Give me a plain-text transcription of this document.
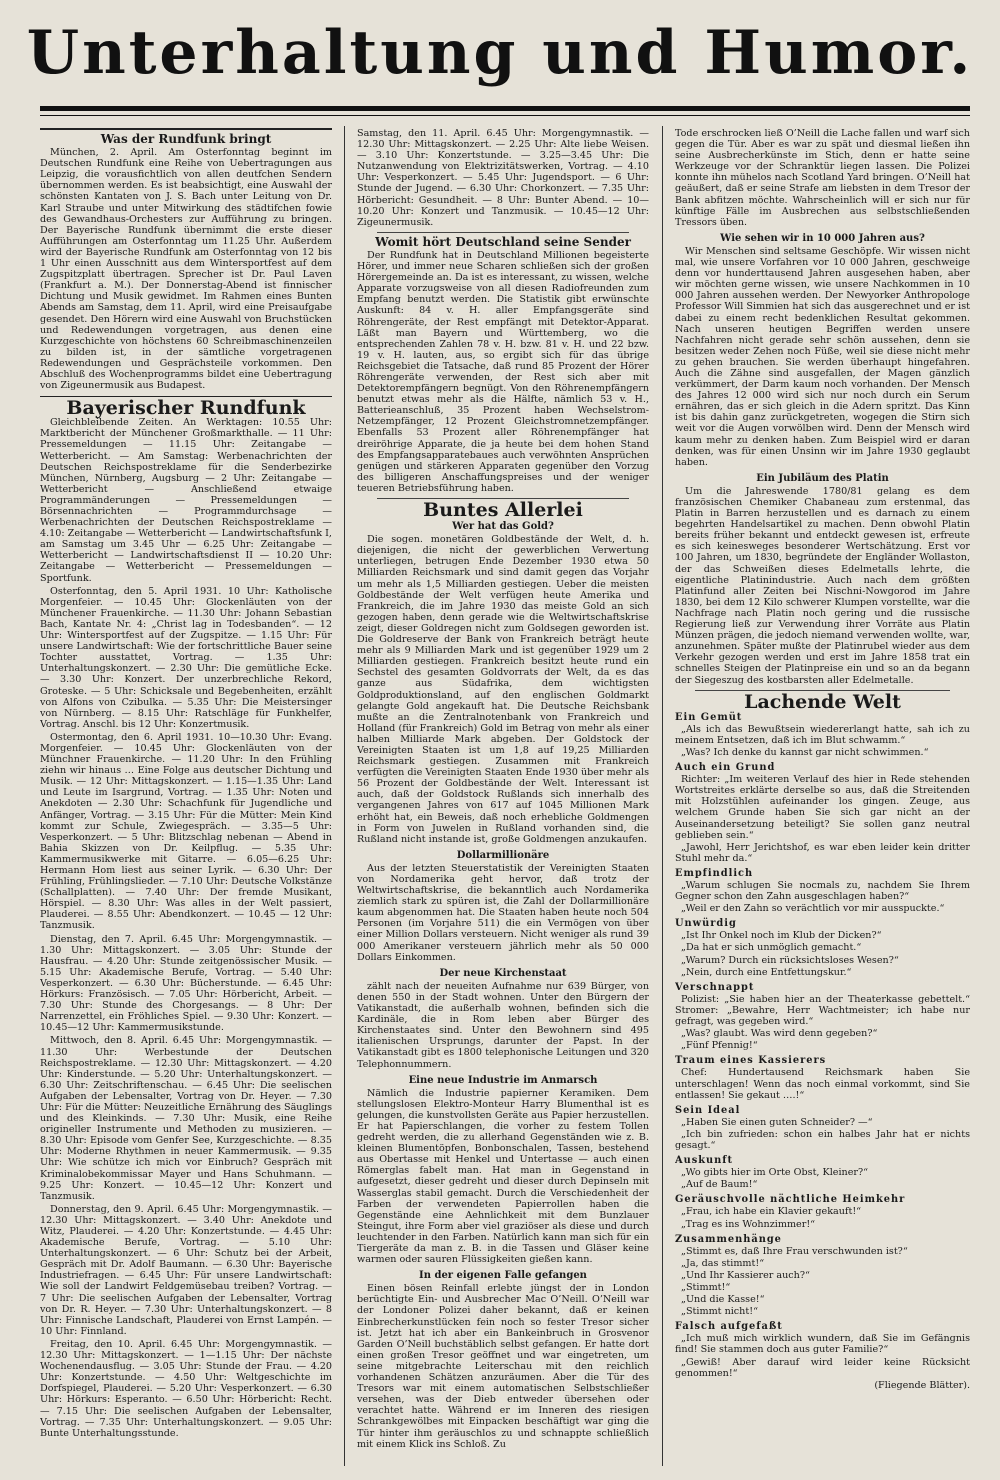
Unterhaltung und Humor.
Was der Rundfunk bringt

München, 2. April. Am Osterfonntag beginnt im Deutschen Rundfunk eine Reihe von Uebertragungen aus Leipzig, die vorausfichtlich von allen deutfchen Sendern übernommen werden. Es ist beabsichtigt, eine Auswahl der schönsten Kantaten von J. S. Bach unter Leitung von Dr. Karl Straube und unter Mitwirkung des städtifchen fowie des Gewandhaus-Orchesters zur Aufführung zu bringen. Der Bayerische Rundfunk übernimmt die erste dieser Aufführungen am Osterfonntag um 11.25 Uhr. Außerdem wird der Bayerische Rundfunk am Osterfonntag von 12 bis 1 Uhr einen Ausschnitt aus dem Wintersportfest auf dem Zugspitzplatt übertragen. Sprecher ist Dr. Paul Laven (Frankfurt a. M.). Der Donnerstag-Abend ist finnischer Dichtung und Musik gewidmet. Im Rahmen eines Bunten Abends am Samstag, dem 11. April, wird eine Preisaufgabe gesendet. Den Hörern wird eine Auswahl von Bruchstücken und Redewendungen vorgetragen, aus denen eine Kurzgeschichte von höchstens 60 Schreibmaschinenzeilen zu bilden ist, in der sämtliche vorgetragenen Redewendungen und Gesprächsteile vorkommen. Den Abschluß des Wochenprogramms bildet eine Uebertragung von Zigeunermusik aus Budapest.

Bayerischer Rundfunk

Gleichbleibende Zeiten. An Werktagen: 10.55 Uhr: Marktbericht der Münchener Großmarkthalle. — 11 Uhr: Pressemeldungen — 11.15 Uhr: Zeitangabe — Wetterbericht. — Am Samstag: Werbenachrichten der Deutschen Reichspostreklame für die Senderbezirke München, Nürnberg, Augsburg — 2 Uhr: Zeitangabe — Wetterbericht — Anschließend etwaige Programmänderungen — Pressemeldungen — Börsennachrichten — Programmdurchsage — Werbenachrichten der Deutschen Reichspostreklame — 4.10: Zeitangabe — Wetterbericht — Landwirtschaftsfunk I, am Samstag um 3.45 Uhr — 6.25 Uhr: Zeitangabe — Wetterbericht — Landwirtschaftsdienst II — 10.20 Uhr: Zeitangabe — Wetterbericht — Pressemeldungen — Sportfunk.

Osterfonntag, den 5. April 1931. 10 Uhr: Katholische Morgenfeier. — 10.45 Uhr: Glockenläuten von der Münchener Frauenkirche. — 11.30 Uhr: Johann Sebastian Bach, Kantate Nr. 4: „Christ lag in Todesbanden“. — 12 Uhr: Wintersportfest auf der Zugspitze. — 1.15 Uhr: Für unsere Landwirtschaft: Wie der fortschrittliche Bauer seine Tochter ausstattet, Vortrag. — 1.35 Uhr: Unterhaltungskonzert. — 2.30 Uhr: Die gemütliche Ecke. — 3.30 Uhr: Konzert. Der unzerbrechliche Rekord, Groteske. — 5 Uhr: Schicksale und Begebenheiten, erzählt von Alfons von Czibulka. — 5.35 Uhr: Die Meistersinger von Nürnberg. — 8.15 Uhr: Ratschläge für Funkhelfer, Vortrag. Anschl. bis 12 Uhr: Konzertmusik.

Ostermontag, den 6. April 1931. 10—10.30 Uhr: Evang. Morgenfeier. — 10.45 Uhr: Glockenläuten von der Münchner Frauenkirche. — 11.20 Uhr: In den Frühling ziehn wir hinaus … Eine Folge aus deutscher Dichtung und Musik. — 12 Uhr: Mittagskonzert. — 1.15—1.35 Uhr: Land und Leute im Isargrund, Vortrag. — 1.35 Uhr: Noten und Anekdoten — 2.30 Uhr: Schachfunk für Jugendliche und Anfänger, Vortrag. — 3.15 Uhr: Für die Mütter: Mein Kind kommt zur Schule, Zwiegespräch. — 3.35—5 Uhr: Vesperkonzert. — 5 Uhr: Blitzschlag nebenan — Abend in Bahia Skizzen von Dr. Keilpflug. — 5.35 Uhr: Kammermusikwerke mit Gitarre. — 6.05—6.25 Uhr: Hermann Hom liest aus seiner Lyrik. — 6.30 Uhr: Der Frühling, Frühlingslieder. — 7.10 Uhr: Deutsche Volkstänze (Schallplatten). — 7.40 Uhr: Der fremde Musikant, Hörspiel. — 8.30 Uhr: Was alles in der Welt passiert, Plauderei. — 8.55 Uhr: Abendkonzert. — 10.45 — 12 Uhr: Tanzmusik.

Dienstag, den 7. April. 6.45 Uhr: Morgengymnastik. — 1.30 Uhr: Mittagskonzert. — 3.05 Uhr: Stunde der Hausfrau. — 4.20 Uhr: Stunde zeitgenössischer Musik. — 5.15 Uhr: Akademische Berufe, Vortrag. — 5.40 Uhr: Vesperkonzert. — 6.30 Uhr: Bücherstunde. — 6.45 Uhr: Hörkurs: Französisch. — 7.05 Uhr: Hörbericht, Arbeit. — 7.30 Uhr: Stunde des Chorgesangs. — 8 Uhr: Der Narrenzettel, ein Fröhliches Spiel. — 9.30 Uhr: Konzert. — 10.45—12 Uhr: Kammermusikstunde.

Mittwoch, den 8. April. 6.45 Uhr: Morgengymnastik. — 11.30 Uhr: Werbestunde der Deutschen Reichspostreklame. — 12.30 Uhr: Mittagskonzert. — 4.20 Uhr: Kinderstunde. — 5.20 Uhr: Unterhaltungskonzert. — 6.30 Uhr: Zeitschriftenschau. — 6.45 Uhr: Die seelischen Aufgaben der Lebensalter, Vortrag von Dr. Heyer. — 7.30 Uhr: Für die Mütter: Neuzeitliche Ernährung des Säuglings und des Kleinkinds. — 7.30 Uhr: Musik, eine Reihe origineller Instrumente und Methoden zu musizieren. — 8.30 Uhr: Episode vom Genfer See, Kurzgeschichte. — 8.35 Uhr: Moderne Rhythmen in neuer Kammermusik. — 9.35 Uhr: Wie schütze ich mich vor Einbruch? Gespräch mit Kriminalobekommissar Mayer und Hans Schuhmann. — 9.25 Uhr: Konzert. — 10.45—12 Uhr: Konzert und Tanzmusik.

Donnerstag, den 9. April. 6.45 Uhr: Morgengymnastik. — 12.30 Uhr: Mittagskonzert. — 3.40 Uhr: Anekdote und Witz, Plauderei. — 4.20 Uhr: Konzertstunde. — 4.45 Uhr: Akademische Berufe, Vortrag. — 5.10 Uhr: Unterhaltungskonzert. — 6 Uhr: Schutz bei der Arbeit, Gespräch mit Dr. Adolf Baumann. — 6.30 Uhr: Bayerische Industriefragen. — 6.45 Uhr: Für unsere Landwirtschaft: Wie soll der Landwirt Feldgemüsebau treiben? Vortrag. — 7 Uhr: Die seelischen Aufgaben der Lebensalter, Vortrag von Dr. R. Heyer. — 7.30 Uhr: Unterhaltungskonzert. — 8 Uhr: Finnische Landschaft, Plauderei von Ernst Lampén. — 10 Uhr: Finnland.

Freitag, den 10. April. 6.45 Uhr: Morgengymnastik. — 12.30 Uhr: Mittagskonzert. — 1—1.15 Uhr: Der nächste Wochenendausflug. — 3.05 Uhr: Stunde der Frau. — 4.20 Uhr: Konzertstunde. — 4.50 Uhr: Weltgeschichte im Dorfspiegel, Plauderei. — 5.20 Uhr: Vesperkonzert. — 6.30 Uhr: Hörkurs: Esperanto. — 6.50 Uhr: Hörbericht: Recht. — 7.15 Uhr: Die seelischen Aufgaben der Lebensalter, Vortrag. — 7.35 Uhr: Unterhaltungskonzert. — 9.05 Uhr: Bunte Unterhaltungsstunde.

Samstag, den 11. April. 6.45 Uhr: Morgengymnastik. — 12.30 Uhr: Mittagskonzert. — 2.25 Uhr: Alte liebe Weisen. — 3.10 Uhr: Konzertstunde. — 3.25—3.45 Uhr: Die Nutzanwendung von Elektrizitätswerken, Vortrag. — 4.10 Uhr: Vesperkonzert. — 5.45 Uhr: Jugendsport. — 6 Uhr: Stunde der Jugend. — 6.30 Uhr: Chorkonzert. — 7.35 Uhr: Hörbericht: Gesundheit. — 8 Uhr: Bunter Abend. — 10—10.20 Uhr: Konzert und Tanzmusik. — 10.45—12 Uhr: Zigeunermusik.

Womit hört Deutschland seine Sender

Der Rundfunk hat in Deutschland Millionen begeisterte Hörer, und immer neue Scharen schließen sich der großen Hörergemeinde an. Da ist es interessant, zu wissen, welche Apparate vorzugsweise von all diesen Radiofreunden zum Empfang benutzt werden. Die Statistik gibt erwünschte Auskunft: 84 v. H. aller Empfangsgeräte sind Röhrengeräte, der Rest empfängt mit Detektor-Apparat. Läßt man Bayern und Württemberg, wo die entsprechenden Zahlen 78 v. H. bzw. 81 v. H. und 22 bzw. 19 v. H. lauten, aus, so ergibt sich für das übrige Reichsgebiet die Tatsache, daß rund 85 Prozent der Hörer Röhrengeräte verwenden, der Rest sich aber mit Detektorempfängern begnügt. Von den Röhrenempfängern benutzt etwas mehr als die Hälfte, nämlich 53 v. H., Batterieanschluß, 35 Prozent haben Wechselstrom-Netzempfänger, 12 Prozent Gleichstromnetzempfänger. Ebenfalls 53 Prozent aller Röhrenempfänger hat dreiröhrige Apparate, die ja heute bei dem hohen Stand des Empfangsapparatebaues auch verwöhnten Ansprüchen genügen und stärkeren Apparaten gegenüber den Vorzug des billigeren Anschaffungspreises und der weniger teueren Betriebsführung haben.

Buntes Allerlei
Wer hat das Gold?

Die sogen. monetären Goldbestände der Welt, d. h. diejenigen, die nicht der gewerblichen Verwertung unterliegen, betrugen Ende Dezember 1930 etwa 50 Milliarden Reichsmark und sind damit gegen das Vorjahr um mehr als 1,5 Milliarden gestiegen. Ueber die meisten Goldbestände der Welt verfügen heute Amerika und Frankreich, die im Jahre 1930 das meiste Gold an sich gezogen haben, denn gerade wie die Weltwirtschaftskrise zeigt, dieser Goldregen nicht zum Goldsegen geworden ist. Die Goldreserve der Bank von Frankreich beträgt heute mehr als 9 Milliarden Mark und ist gegenüber 1929 um 2 Milliarden gestiegen. Frankreich besitzt heute rund ein Sechstel des gesamten Goldvorrats der Welt, da es das ganze aus Südafrika, dem wichtigsten Goldproduktionsland, auf den englischen Goldmarkt gelangte Gold angekauft hat. Die Deutsche Reichsbank mußte an die Zentralnotenbank von Frankreich und Holland (für Frankreich) Gold im Betrag von mehr als einer halben Milliarde Mark abgeben. Der Goldstock der Vereinigten Staaten ist um 1,8 auf 19,25 Milliarden Reichsmark gestiegen. Zusammen mit Frankreich verfügten die Vereinigten Staaten Ende 1930 über mehr als 56 Prozent der Goldbestände der Welt. Interessant ist auch, daß der Goldstock Rußlands sich innerhalb des vergangenen Jahres von 617 auf 1045 Millionen Mark erhöht hat, ein Beweis, daß noch erhebliche Goldmengen in Form von Juwelen in Rußland vorhanden sind, die Rußland nicht instande ist, große Goldmengen anzukaufen.

Dollarmillionäre

Aus der letzten Steuerstatistik der Vereinigten Staaten von Nordamerika geht hervor, daß trotz der Weltwirtschaftskrise, die bekanntlich auch Nordamerika ziemlich stark zu spüren ist, die Zahl der Dollarmillionäre kaum abgenommen hat. Die Staaten haben heute noch 504 Personen (im Vorjahre 511) die ein Vermögen von über einer Million Dollars versteuern. Nicht weniger als rund 39 000 Amerikaner versteuern jährlich mehr als 50 000 Dollars Einkommen.

Der neue Kirchenstaat

zählt nach der neueiten Aufnahme nur 639 Bürger, von denen 550 in der Stadt wohnen. Unter den Bürgern der Vatikanstadt, die außerhalb wohnen, befinden sich die Kardinäle, die in Rom leben aber Bürger des Kirchenstaates sind. Unter den Bewohnern sind 495 italienischen Ursprungs, darunter der Papst. In der Vatikanstadt gibt es 1800 telephonische Leitungen und 320 Telephonnummern.

Eine neue Industrie im Anmarsch

Nämlich die Industrie papierner Keramiken. Dem stellungslosen Elektro-Monteur Harry Blumenthal ist es gelungen, die kunstvollsten Geräte aus Papier herzustellen. Er hat Papierschlangen, die vorher zu festem Tollen gedreht werden, die zu allerhand Gegenständen wie z. B. kleinen Blumentöpfen, Bonbonschalen, Tassen, bestehend aus Obertasse mit Henkel und Untertasse — auch einen Römerglas fabelt man. Hat man in Gegenstand in aufgesetzt, dieser gedreht und dieser durch Depinseln mit Wasserglas stabil gemacht. Durch die Verschiedenheit der Farben der verwendeten Papierrollen haben die Gegenstände eine Aehnlichkeit mit dem Bunzlauer Steingut, ihre Form aber viel graziöser als diese und durch leuchtender in den Farben. Natürlich kann man sich für ein Tiergeräte da man z. B. in die Tassen und Gläser keine warmen oder sauren Flüssigkeiten gießen kann.

In der eigenen Falle gefangen

Einen bösen Reinfall erlebte jüngst der in London berüchtigte Ein- und Ausbrecher Mac O’Neill. O’Neill war der Londoner Polizei daher bekannt, daß er keinen Einbrecherkunstlücken fein noch so fester Tresor sicher ist. Jetzt hat ich aber ein Bankeinbruch in Grosvenor Garden O’Neill buchstäblich selbst gefangen. Er hatte dort einen großen Tresor geöffnet und war eingetreten, um seine mitgebrachte Leiterschau mit den reichlich vorhandenen Schätzen anzuräumen. Aber die Tür des Tresors war mit einem automatischen Selbstschließer versehen, was der Dieb entweder übersehen oder verachtet hatte. Während er im Inneren des riesigen Schrankgewölbes mit Einpacken beschäftigt war ging die Tür hinter ihm geräuschlos zu und schnappte schließlich mit einem Klick ins Schloß. Zu

Tode erschrocken ließ O’Neill die Lache fallen und warf sich gegen die Tür. Aber es war zu spät und diesmal ließen ihn seine Ausbrecherkünste im Stich, denn er hatte seine Werkzeuge vor der Schranktür liegen lassen. Die Polizei konnte ihn mühelos nach Scotland Yard bringen. O’Neill hat geäußert, daß er seine Strafe am liebsten in dem Tresor der Bank abfitzen möchte. Wahrscheinlich will er sich nur für künftige Fälle im Ausbrechen aus selbstschließenden Tressors üben.

Wie sehen wir in 10 000 Jahren aus?

Wir Menschen sind seltsame Geschöpfe. Wir wissen nicht mal, wie unsere Vorfahren vor 10 000 Jahren, geschweige denn vor hunderttausend Jahren ausgesehen haben, aber wir möchten gerne wissen, wie unsere Nachkommen in 10 000 Jahren aussehen werden. Der Newyorker Anthropologe Professor Will Simmien hat sich das ausgerechnet und er ist dabei zu einem recht bedenklichen Resultat gekommen. Nach unseren heutigen Begriffen werden unsere Nachfahren nicht gerade sehr schön aussehen, denn sie besitzen weder Zehen noch Füße, weil sie diese nicht mehr zu gehen brauchen. Sie werden überhaupt hingefahren. Auch die Zähne sind ausgefallen, der Magen gänzlich verkümmert, der Darm kaum noch vorhanden. Der Mensch des Jahres 12 000 wird sich nur noch durch ein Serum ernähren, das er sich gleich in die Adern spritzt. Das Kinn ist bis dahin ganz zurückgetreten, wogegen die Stirn sich weit vor die Augen vorwölben wird. Denn der Mensch wird kaum mehr zu denken haben. Zum Beispiel wird er daran denken, was für einen Unsinn wir im Jahre 1930 geglaubt haben.

Ein Jubiläum des Platin

Um die Jahreswende 1780/81 gelang es dem französischen Chemiker Chabaneau zum erstenmal, das Platin in Barren herzustellen und es darnach zu einem begehrten Handelsartikel zu machen. Denn obwohl Platin bereits früher bekannt und entdeckt gewesen ist, erfreute es sich keinesweges besonderer Wertschätzung. Erst vor 100 Jahren, um 1830, begründete der Engländer Wollaston, der das Schweißen dieses Edelmetalls lehrte, die eigentliche Platinindustrie. Auch nach dem größten Platinfund aller Zeiten bei Nischni-Nowgorod im Jahre 1830, bei dem 12 Kilo schwerer Klumpen vorstellte, war die Nachfrage nach Platin noch gering und die russische Regierung ließ zur Verwendung ihrer Vorräte aus Platin Münzen prägen, die jedoch niemand verwenden wollte, war, anzunehmen. Später mußte der Platinrubel wieder aus dem Verkehr gezogen werden und erst im Jahre 1858 trat ein schnelles Steigen der Platinpreise ein und so an da begann der Siegeszug des kostbarsten aller Edelmetalle.

Lachende Welt
Ein Gemüt

„Als ich das Bewußtsein wiedererlangt hatte, sah ich zu meinem Entsetzen, daß ich im Blut schwamm.“

„Was? Ich denke du kannst gar nicht schwimmen.“

Auch ein Grund

Richter: „Im weiteren Verlauf des hier in Rede stehenden Wortstreites erklärte derselbe so aus, daß die Streitenden mit Holzstühlen aufeinander los gingen. Zeuge, aus welchem Grunde haben Sie sich gar nicht an der Auseinandersetzung beteiligt? Sie sollen ganz neutral geblieben sein.“

„Jawohl, Herr Jerichtshof, es war eben leider kein dritter Stuhl mehr da.“

Empfindlich

„Warum schlugen Sie nocmals zu, nachdem Sie Ihrem Gegner schon den Zahn ausgeschlagen haben?“

„Weil er den Zahn so verächtlich vor mir ausspuckte.“

Unwürdig

„Ist Ihr Onkel noch im Klub der Dicken?“

„Da hat er sich unmöglich gemacht.“

„Warum? Durch ein rücksichtsloses Wesen?“

„Nein, durch eine Entfettungskur.“

Verschnappt

Polizist: „Sie haben hier an der Theaterkasse gebettelt.“ Stromer: „Bewahre, Herr Wachtmeister; ich habe nur gefragt, was gegeben wird.“

„Was? glaubt. Was wird denn gegeben?“

„Fünf Pfennig!“

Traum eines Kassierers

Chef: Hundertausend Reichsmark haben Sie unterschlagen! Wenn das noch einmal vorkommt, sind Sie entlassen! Sie gekaut ….!“

Sein Ideal

„Haben Sie einen guten Schneider? —“

„Ich bin zufrieden: schon ein halbes Jahr hat er nichts gesagt.“

Auskunft

„Wo gibts hier im Orte Obst, Kleiner?“

„Auf de Baum!“

Geräuschvolle nächtliche Heimkehr

„Frau, ich habe ein Klavier gekauft!“

„Trag es ins Wohnzimmer!“

Zusammenhänge

„Stimmt es, daß Ihre Frau verschwunden ist?“

„Ja, das stimmt!“

„Und Ihr Kassierer auch?“

„Stimmt!“

„Und die Kasse!“

„Stimmt nicht!“

Falsch aufgefaßt

„Ich muß mich wirklich wundern, daß Sie im Gefängnis find! Sie stammen doch aus guter Familie?“

„Gewiß! Aber darauf wird leider keine Rücksicht genommen!“

(Fliegende Blätter).
